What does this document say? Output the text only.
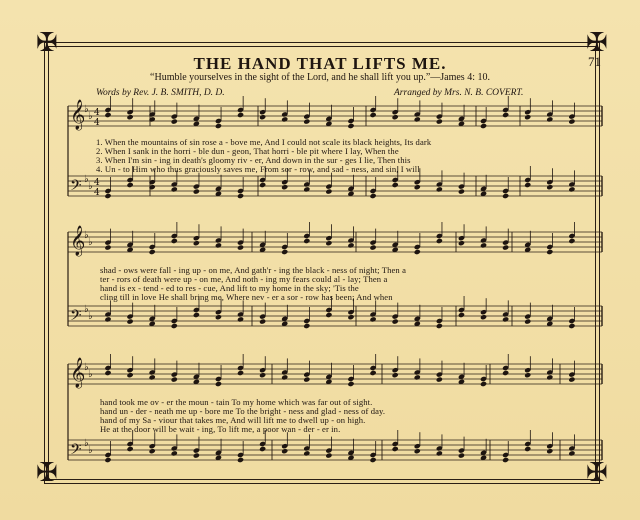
✠	✠
✠	✠
THE HAND THAT LIFTS ME.	71
“Humble yourselves in the sight of the Lord, and he shall lift you up.”—James 4: 10.
Words by Rev. J. B. SMITH, D. D.	Arranged by Mrs. N. B. COVERT.
𝄞
♭
♭ 4
4
𝄢 ♭
♭ 4
4
𝄞
♭
♭
𝄢 ♭
♭
𝄞
♭
♭
𝄢 ♭
♭
1. When the mountains of sin rose a - bove me, And I could not scale its black heights, Its dark
2. When I sank in the horri - ble dun - geon, That horri - ble pit where I lay, When the
3. When I'm sin - ing in death's gloomy riv - er, And down in the sur - ges I lie, Then this
4. Un - to Him who thus graciously saves me, From sor - row, and sad - ness, and sin, I will
shad - ows were fall - ing up - on me, And gath'r - ing the black - ness of night; Then a
ter - rors of death were up - on me, And noth - ing my fears could al - lay; Then a
hand is ex - tend - ed to res - cue, And lift to my home in the sky; 'Tis the
cling till in love He shall bring me, Where nev - er a sor - row has been; And when
hand took me ov - er the moun - tain To my home which was far out of sight.
hand un - der - neath me up - bore me To the bright - ness and glad - ness of day.
hand of my Sa - viour that takes me, And will lift me to dwell up - on high.
He at the door will be wait - ing, To lift me, a poor wan - der - er in.
